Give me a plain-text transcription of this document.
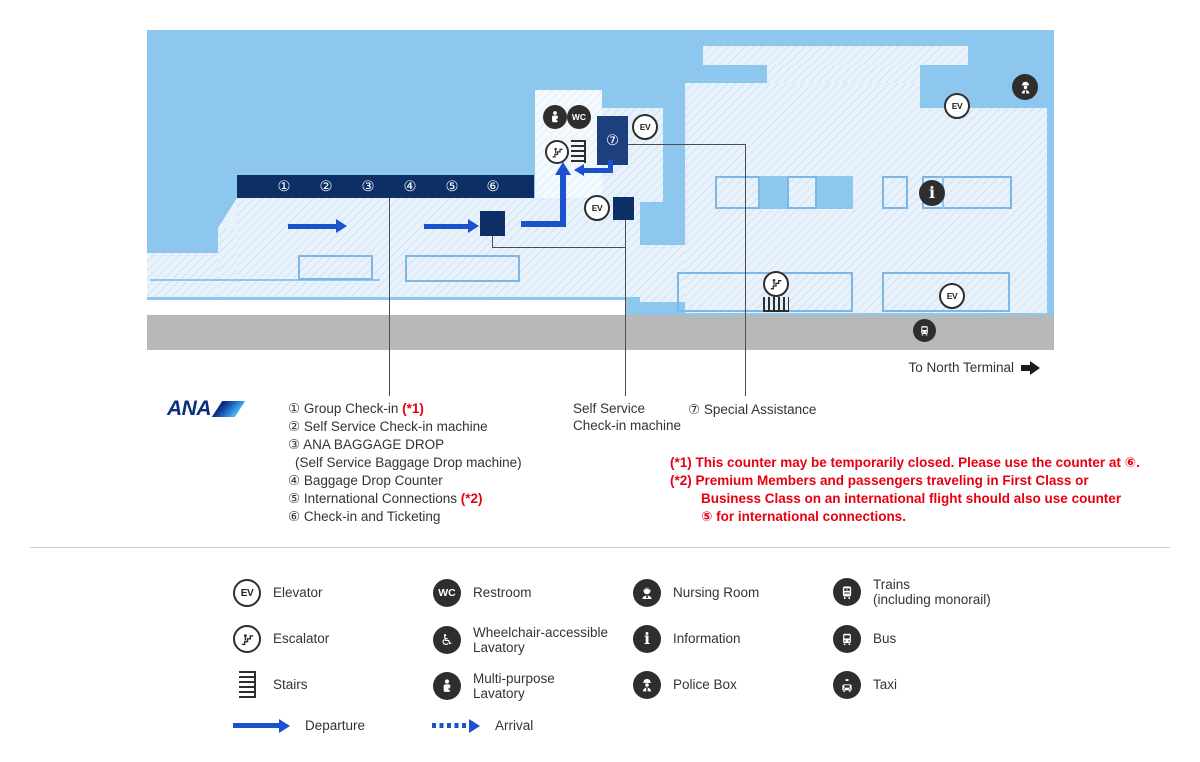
① ② ③ ④ ⑤ ⑥
⑦
WC
EV
EV
EV
EV
i
To North Terminal
ANA	① Group Check-in (*1)
② Self Service Check-in machine
③ ANA BAGGAGE DROP
(Self Service Baggage Drop machine)
④ Baggage Drop Counter
⑤ International Connections (*2)
⑥ Check-in and Ticketing
Self Service
Check-in machine
⑦ Special Assistance
(*1) This counter may be temporarily closed. Please use the counter at ⑥.
(*2) Premium Members and passengers traveling in First Class or
Business Class on an international flight should also use counter
⑤ for international connections.
EV Elevator
Escalator
Stairs
Departure
WC Restroom
♿ Wheelchair-accessible
Lavatory
Multi-purpose
Lavatory
Arrival
Nursing Room
i Information
Police Box
Trains
(including monorail)
Bus
Taxi
